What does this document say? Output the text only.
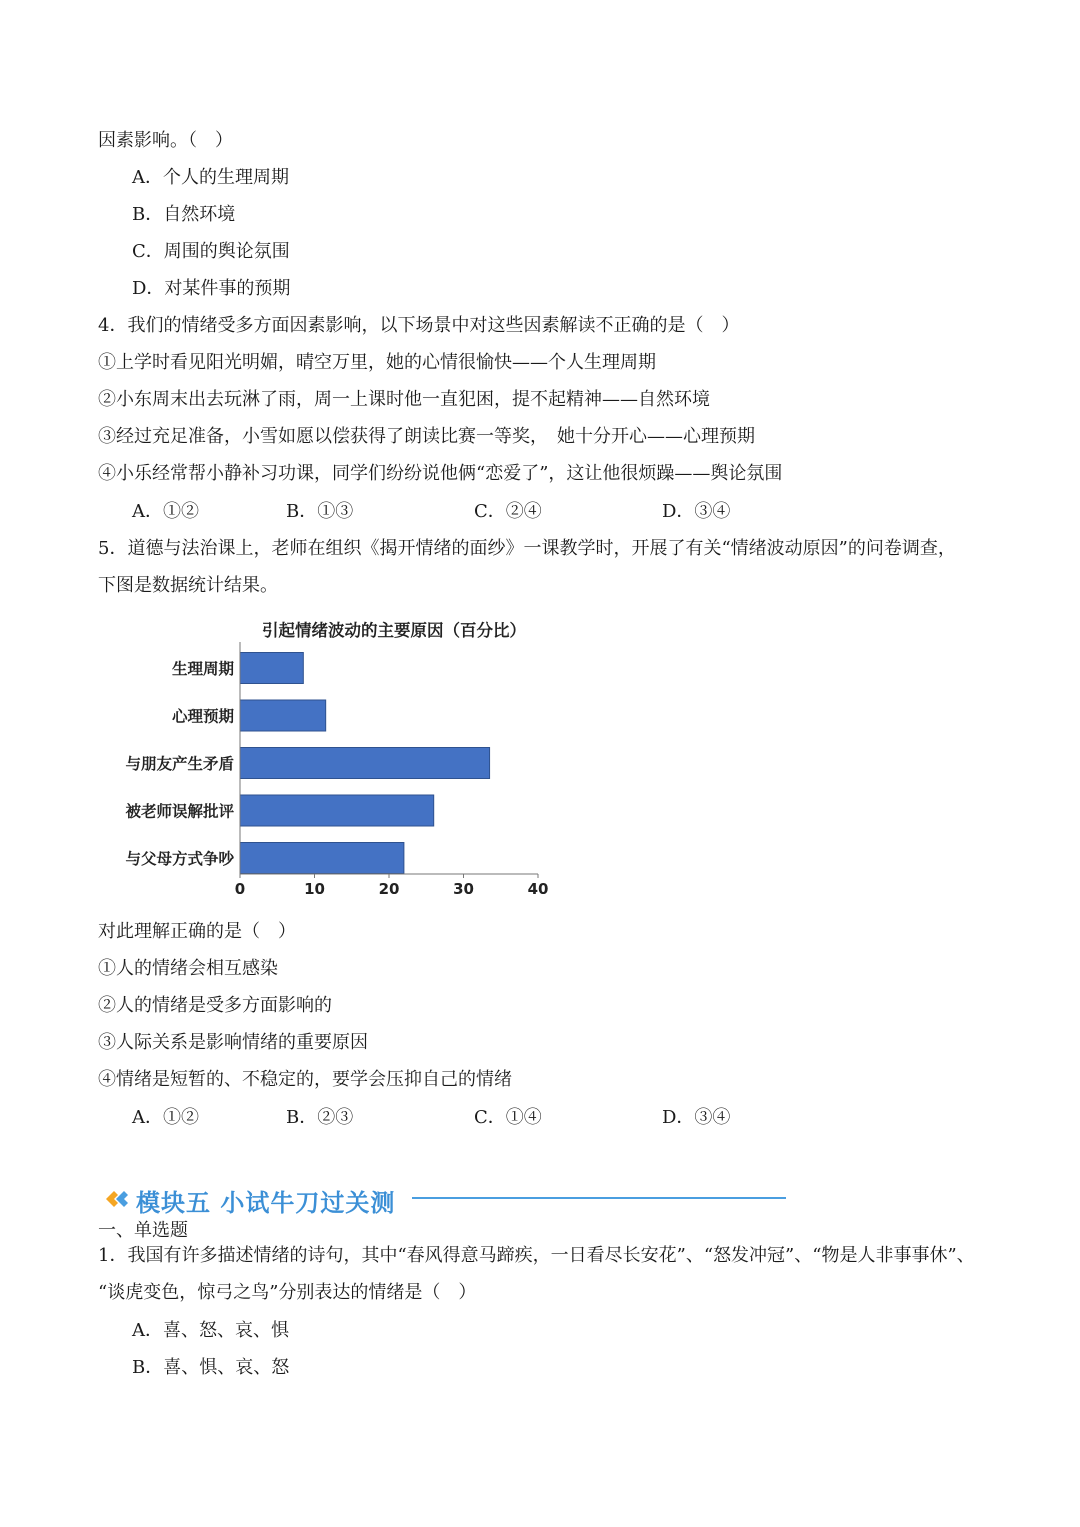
因素影响。（　）
A．个人的生理周期
B．自然环境
C．周围的舆论氛围
D．对某件事的预期
4．我们的情绪受多方面因素影响，以下场景中对这些因素解读不正确的是（　）
①上学时看见阳光明媚，晴空万里，她的心情很愉快——个人生理周期
②小东周末出去玩淋了雨，周一上课时他一直犯困，提不起精神——自然环境
③经过充足准备，小雪如愿以偿获得了朗读比赛一等奖，　她十分开心——心理预期
④小乐经常帮小静补习功课，同学们纷纷说他俩“恋爱了”，这让他很烦躁——舆论氛围
A．①②	B．①③	C．②④	D．③④
5．道德与法治课上，老师在组织《揭开情绪的面纱》一课教学时，开展了有关“情绪波动原因”的问卷调查，
下图是数据统计结果。
引起情绪波动的主要原因（百分比）
生理周期
心理预期
与朋友产生矛盾
被老师误解批评
与父母方式争吵
0	10	20	30	40
对此理解正确的是（　）
①人的情绪会相互感染
②人的情绪是受多方面影响的
③人际关系是影响情绪的重要原因
④情绪是短暂的、不稳定的，要学会压抑自己的情绪
A．①②	B．②③	C．①④	D．③④
模块五 小试牛刀过关测
一、单选题
1．我国有许多描述情绪的诗句，其中“春风得意马蹄疾，一日看尽长安花”、“怒发冲冠”、“物是人非事事休”、
“谈虎变色，惊弓之鸟”分别表达的情绪是（　）
A．喜、怒、哀、惧
B．喜、惧、哀、怒
